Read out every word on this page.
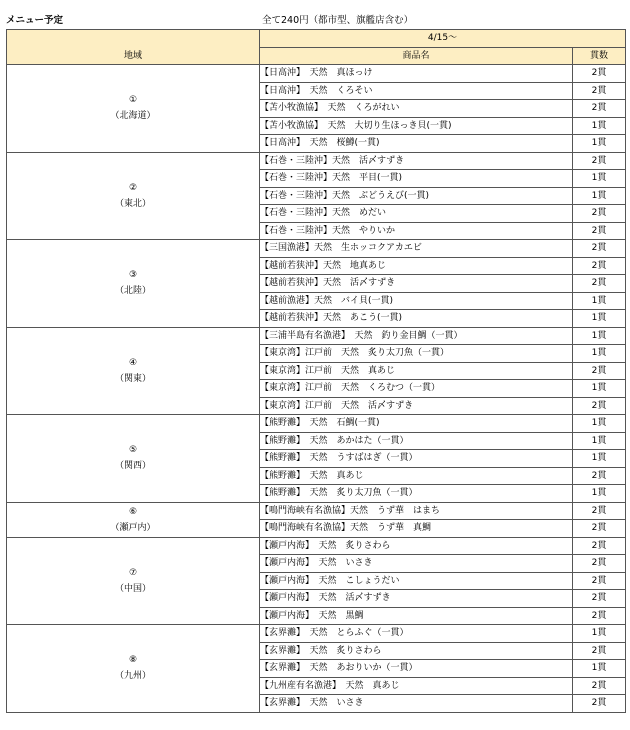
メニュー予定	全て240円（都市型、旗艦店含む）
地域	4/15〜	
	商品名	貫数

①
（北海道）	【日高沖】　天然　真ほっけ	2貫
	【日高沖】　天然　くろそい	2貫
	【苫小牧漁協】　天然　くろがれい	2貫
	【苫小牧漁協】　天然　大切り生ほっき貝(一貫)	1貫
	【日高沖】　天然　桜鱒(一貫)	1貫

②
（東北）	【石巻・三陸沖】天然　活〆すずき	2貫
	【石巻・三陸沖】天然　平目(一貫)	1貫
	【石巻・三陸沖】天然　ぶどうえび(一貫)	1貫
	【石巻・三陸沖】天然　めだい	2貫
	【石巻・三陸沖】天然　やりいか	2貫

③
（北陸）	【三国漁港】天然　生ホッコクアカエビ	2貫
	【越前若狭沖】天然　地真あじ	2貫
	【越前若狭沖】天然　活〆すずき	2貫
	【越前漁港】天然　バイ貝(一貫)	1貫
	【越前若狭沖】天然　あこう(一貫)	1貫

④
（関東）	【三浦半島有名漁港】　天然　釣り金目鯛（一貫）	1貫
	【東京湾】江戸前　天然　炙り太刀魚（一貫）	1貫
	【東京湾】江戸前　天然　真あじ	2貫
	【東京湾】江戸前　天然　くろむつ（一貫）	1貫
	【東京湾】江戸前　天然　活〆すずき	2貫

⑤
（関西）	【熊野灘】　天然　石鯛(一貫)	1貫
	【熊野灘】　天然　あかはた（一貫）	1貫
	【熊野灘】　天然　うすばはぎ（一貫）	1貫
	【熊野灘】　天然　真あじ	2貫
	【熊野灘】　天然　炙り太刀魚（一貫）	1貫

⑥
（瀬戸内）	【鳴門海峡有名漁協】天然　うず華　はまち	2貫
	【鳴門海峡有名漁協】天然　うず華　真鯛	2貫

⑦
（中国）	【瀬戸内海】　天然　炙りさわら	2貫
	【瀬戸内海】　天然　いさき	2貫
	【瀬戸内海】　天然　こしょうだい	2貫
	【瀬戸内海】　天然　活〆すずき	2貫
	【瀬戸内海】　天然　黒鯛	2貫

⑧
（九州）	【玄界灘】　天然　とらふぐ（一貫）	1貫
	【玄界灘】　天然　炙りさわら	2貫
	【玄界灘】　天然　あおりいか（一貫）	1貫
	【九州産有名漁港】　天然　真あじ	2貫
	【玄界灘】　天然　いさき	2貫
